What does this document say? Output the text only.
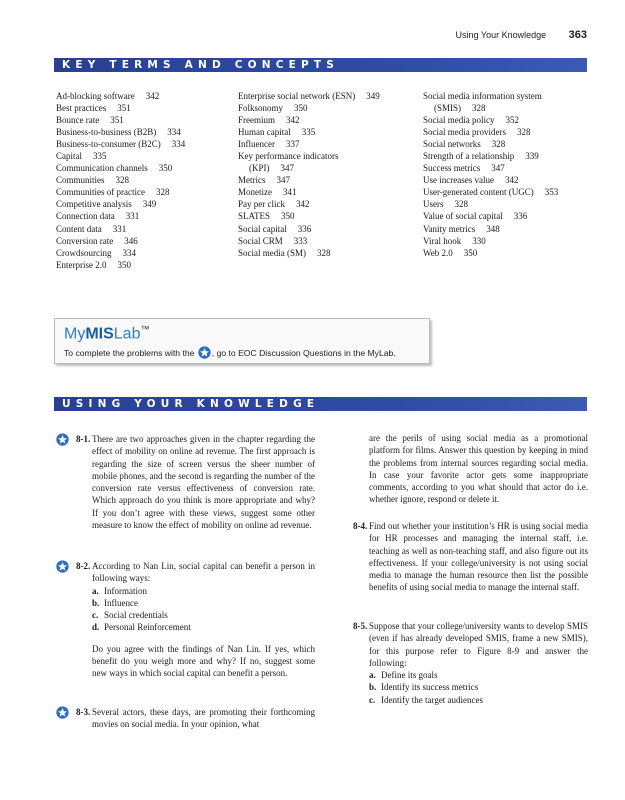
Using Your Knowledge 363
KEY TERMS AND CONCEPTS
Ad-blocking software 342
Best practices 351
Bounce rate 351
Business-to-business (B2B) 334
Business-to-consumer (B2C) 334
Capital 335
Communication channels 350
Communities 328
Communities of practice 328
Competitive analysis 349
Connection data 331
Content data 331
Conversion rate 346
Crowdsourcing 334
Enterprise 2.0 350
Enterprise social network (ESN) 349
Folksonomy 350
Freemium 342
Human capital 335
Influencer 337
Key performance indicators
(KPI) 347
Metrics 347
Monetize 341
Pay per click 342
SLATES 350
Social capital 336
Social CRM 333
Social media (SM) 328
Social media information system
(SMIS) 328
Social media policy 352
Social media providers 328
Social networks 328
Strength of a relationship 339
Success metrics 347
Use increases value 342
User-generated content (UGC) 353
Users 328
Value of social capital 336
Vanity metrics 348
Viral hook 330
Web 2.0 350
MyMISLab™
To complete the problems with the , go to EOC Discussion Questions in the MyLab.
USING YOUR KNOWLEDGE
8-1. There are two approaches given in the chapter regarding the effect of mobility on online ad revenue. The first approach is regarding the size of screen versus the sheer number of mobile phones, and the second is regarding the number of the conversion rate versus effectiveness of conversion rate. Which approach do you think is more appropriate and why? If you don’t agree with these views, suggest some other measure to know the effect of mobility on online ad revenue.
8-2. According to Nan Lin, social capital can benefit a person in following ways:
a. Information
b. Influence
c. Social credentials
d. Personal Reinforcement
Do you agree with the findings of Nan Lin. If yes, which benefit do you weigh more and why? If no, suggest some new ways in which social capital can benefit a person.
8-3. Several actors, these days, are promoting their forthcoming movies on social media. In your opinion, what
are the perils of using social media as a promotional platform for films. Answer this question by keeping in mind the problems from internal sources regarding social media. In case your favorite actor gets some inappropriate comments, according to you what should that actor do i.e. whether ignore, respond or delete it.
8-4. Find out whether your institution’s HR is using social media for HR processes and managing the internal staff, i.e. teaching as well as non-teaching staff, and also figure out its effectiveness. If your college/university is not using social media to manage the human resource then list the possible benefits of using social media to manage the internal staff.
8-5. Suppose that your college/university wants to develop SMIS (even if has already developed SMIS, frame a new SMIS), for this purpose refer to Figure 8-9 and answer the following:
a. Define its goals
b. Identify its success metrics
c. Identify the target audiences
